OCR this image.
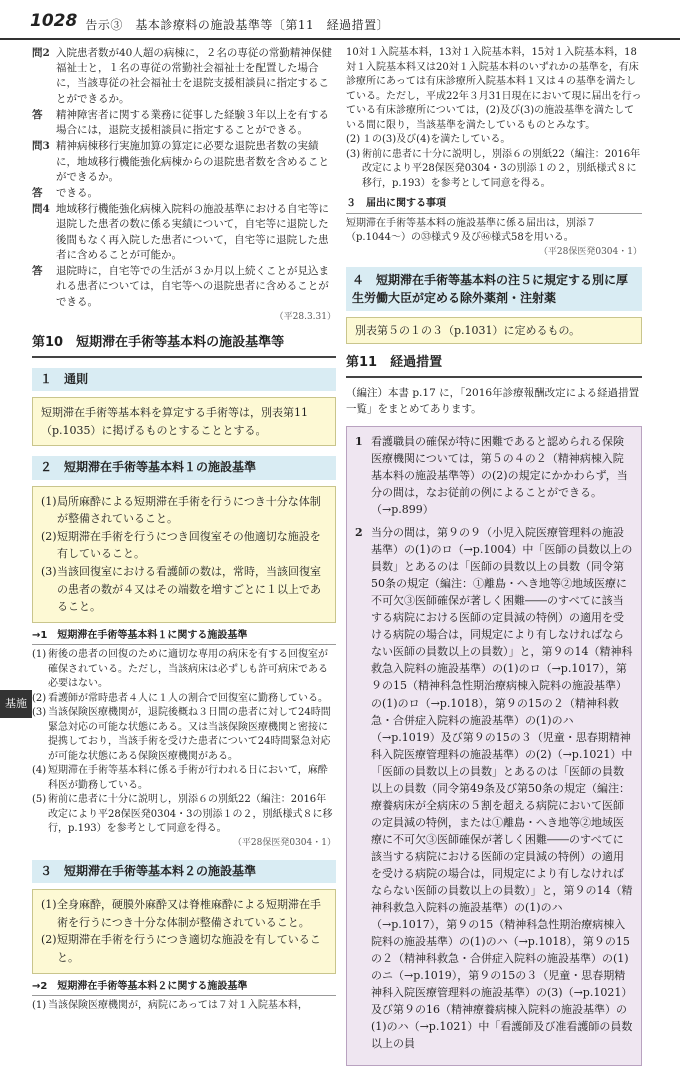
1028 告示③　基本診療料の施設基準等〔第11　経過措置〕
基施
問2 入院患者数が40人超の病棟に，２名の専従の常勤精神保健福祉士と，１名の専従の常勤社会福祉士を配置した場合に，当該専従の社会福祉士を退院支援相談員に指定することができるか。
答	精神障害者に関する業務に従事した経験３年以上を有する場合には，退院支援相談員に指定することができる。
問3 精神病棟移行実施加算の算定に必要な退院患者数の実績に，地域移行機能強化病棟からの退院患者数を含めることができるか。
答	できる。
問4 地域移行機能強化病棟入院料の施設基準における自宅等に退院した患者の数に係る実績について，自宅等に退院した後間もなく再入院した患者について，自宅等に退院した患者に含めることが可能か。
答	退院時に，自宅等での生活が３か月以上続くことが見込まれる患者については，自宅等への退院患者に含めることができる。
（平28.3.31）
第10　短期滞在手術等基本料の施設基準等
１　通則
短期滞在手術等基本料を算定する手術等は，別表第11（p.1035）に掲げるものとすることとする。
２　短期滞在手術等基本料１の施設基準
(1) 局所麻酔による短期滞在手術を行うにつき十分な体制が整備されていること。
(2) 短期滞在手術を行うにつき回復室その他適切な施設を有していること。
(3) 当該回復室における看護師の数は，常時，当該回復室の患者の数が４又はその端数を増すごとに１以上であること。
→1　短期滞在手術等基本料１に関する施設基準
(1) 術後の患者の回復のために適切な専用の病床を有する回復室が確保されている。ただし，当該病床は必ずしも許可病床である必要はない。
(2) 看護師が常時患者４人に１人の割合で回復室に勤務している。
(3) 当該保険医療機関が，退院後概ね３日間の患者に対して24時間緊急対応の可能な状態にある。又は当該保険医療機関と密接に提携しており，当該手術を受けた患者について24時間緊急対応が可能な状態にある保険医療機関がある。
(4) 短期滞在手術等基本料に係る手術が行われる日において，麻酔科医が勤務している。
(5) 術前に患者に十分に説明し，別添６の別紙22（編注：2016年改定により平28保医発0304・3の別添１の２，別紙様式８に移行，p.193）を参考として同意を得る。
（平28保医発0304・1）
３　短期滞在手術等基本料２の施設基準
(1) 全身麻酔，硬膜外麻酔又は脊椎麻酔による短期滞在手術を行うにつき十分な体制が整備されていること。
(2) 短期滞在手術を行うにつき適切な施設を有していること。
→2　短期滞在手術等基本料２に関する施設基準
(1) 当該保険医療機関が，病院にあっては７対１入院基本料，
10対１入院基本料，13対１入院基本料，15対１入院基本料，18対１入院基本料又は20対１入院基本料のいずれかの基準を，有床診療所にあっては有床診療所入院基本料１又は４の基準を満たしている。ただし，平成22年３月31日現在において現に届出を行っている有床診療所については，(2)及び(3)の施設基準を満たしている間に限り，当該基準を満たしているものとみなす。
(2) １の(3)及び(4)を満たしている。
(3) 術前に患者に十分に説明し，別添６の別紙22（編注：2016年改定により平28保医発0304・3の別添１の２，別紙様式８に移行，p.193）を参考として同意を得る。
３　届出に関する事項
短期滞在手術等基本料の施設基準に係る届出は，別添７（p.1044〜）の㉝様式９及び㊻様式58を用いる。
（平28保医発0304・1）
４　短期滞在手術等基本料の注５に規定する別に厚生労働大臣が定める除外薬剤・注射薬
別表第５の１の３（p.1031）に定めるもの。
第11　経過措置
（編注）本書 p.17 に，「2016年診療報酬改定による経過措置一覧」をまとめてあります。
1 看護職員の確保が特に困難であると認められる保険医療機関については，第５の４の２（精神病棟入院基本料の施設基準等）の(2)の規定にかかわらず，当分の間は，なお従前の例によることができる。（→p.899）
2 当分の間は，第９の９（小児入院医療管理料の施設基準）の(1)のロ（→p.1004）中「医師の員数以上の員数」とあるのは「医師の員数以上の員数（同令第50条の規定（編注：①離島・へき地等②地域医療に不可欠③医師確保が著しく困難――のすべてに該当する病院における医師の定員減の特例）の適用を受ける病院の場合は，同規定により有しなければならない医師の員数以上の員数）」と，第９の14（精神科救急入院料の施設基準）の(1)のロ（→p.1017），第９の15（精神科急性期治療病棟入院料の施設基準）の(1)のロ（→p.1018），第９の15の２（精神科救急・合併症入院料の施設基準）の(1)のハ（→p.1019）及び第９の15の３（児童・思春期精神科入院医療管理料の施設基準）の(2)（→p.1021）中「医師の員数以上の員数」とあるのは「医師の員数以上の員数（同令第49条及び第50条の規定（編注：療養病床が全病床の５割を超える病院において医師の定員減の特例，または①離島・へき地等②地域医療に不可欠③医師確保が著しく困難――のすべてに該当する病院における医師の定員減の特例）の適用を受ける病院の場合は，同規定により有しなければならない医師の員数以上の員数）」と，第９の14（精神科救急入院料の施設基準）の(1)のハ（→p.1017），第９の15（精神科急性期治療病棟入院料の施設基準）の(1)のハ（→p.1018），第９の15の２（精神科救急・合併症入院料の施設基準）の(1)のニ（→p.1019），第９の15の３（児童・思春期精神科入院医療管理料の施設基準）の(3)（→p.1021）及び第９の16（精神療養病棟入院料の施設基準）の(1)のハ（→p.1021）中「看護師及び准看護師の員数以上の員
